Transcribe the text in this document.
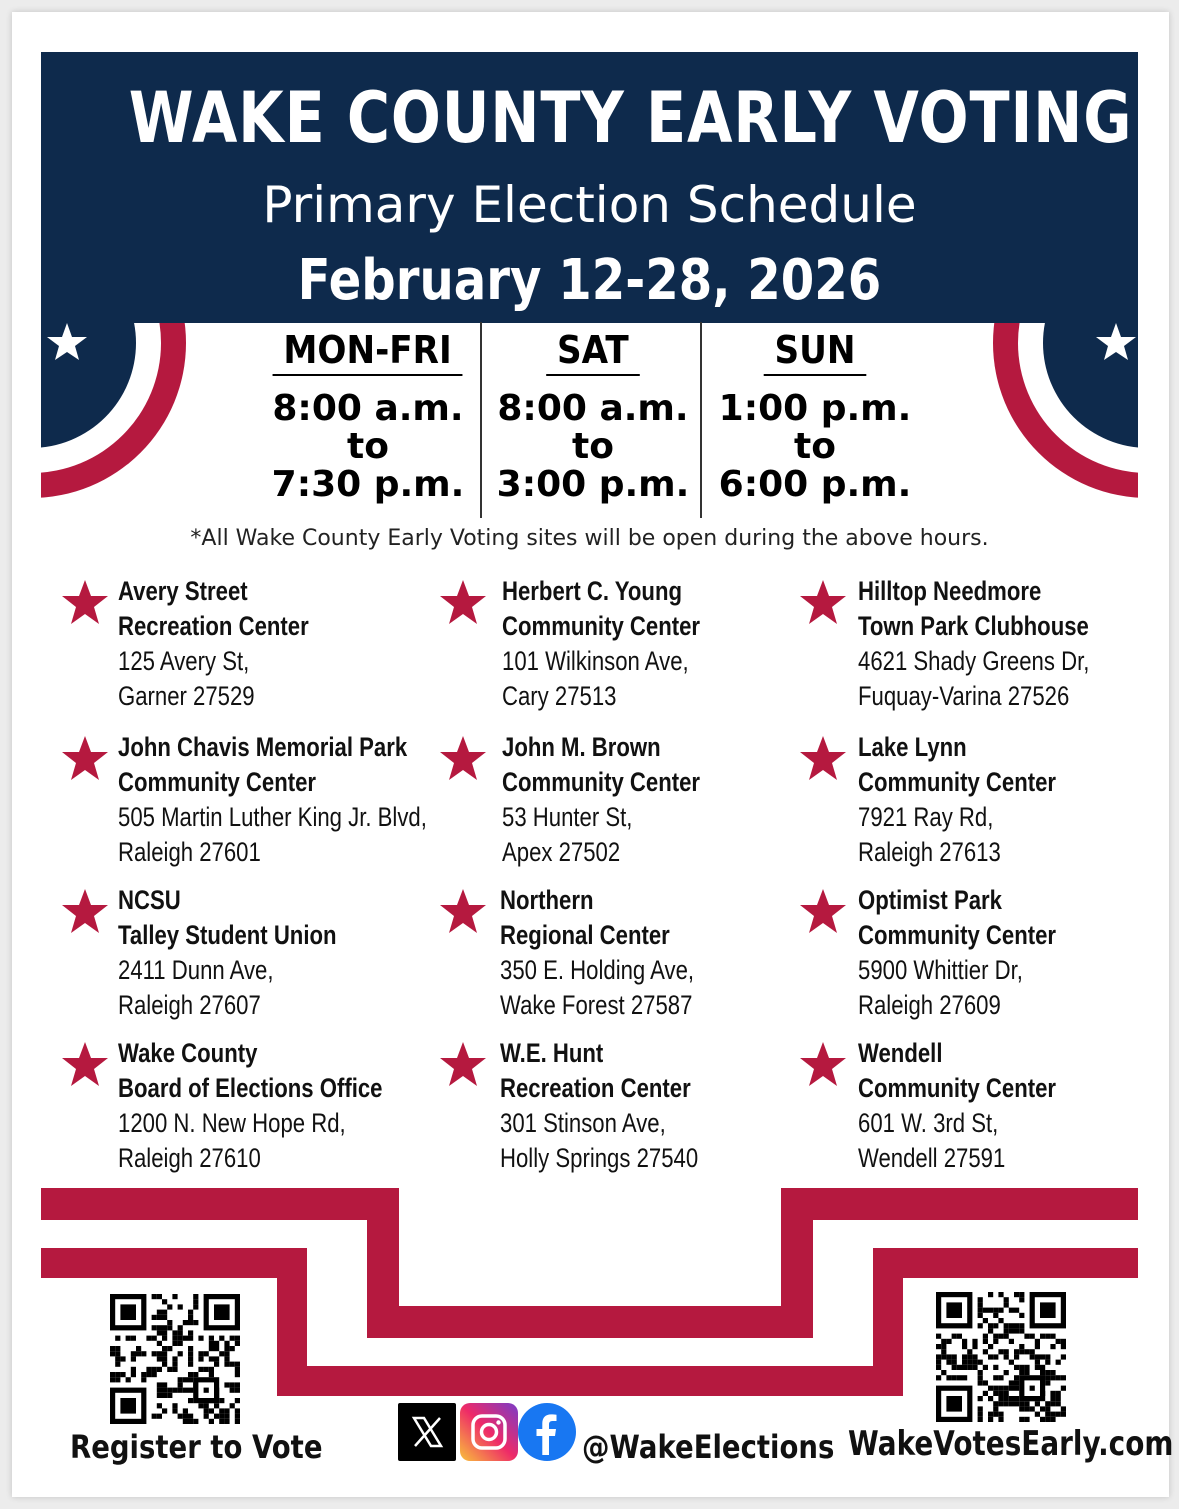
WAKE COUNTY EARLY VOTING
Primary Election Schedule
February 12-28, 2026
MON-FRI
8:00 a.m.
to
7:30 p.m.
SAT
8:00 a.m.
to
3:00 p.m.
SUN
1:00 p.m.
to
6:00 p.m.
*All Wake County Early Voting sites will be open during the above hours.
Avery Street
Recreation Center
125 Avery St,
Garner 27529
Herbert C. Young
Community Center
101 Wilkinson Ave,
Cary 27513
Hilltop Needmore
Town Park Clubhouse
4621 Shady Greens Dr,
Fuquay-Varina 27526
John Chavis Memorial Park
Community Center
505 Martin Luther King Jr. Blvd,
Raleigh 27601
John M. Brown
Community Center
53 Hunter St,
Apex 27502
Lake Lynn
Community Center
7921 Ray Rd,
Raleigh 27613
NCSU
Talley Student Union
2411 Dunn Ave,
Raleigh 27607
Northern
Regional Center
350 E. Holding Ave,
Wake Forest 27587
Optimist Park
Community Center
5900 Whittier Dr,
Raleigh 27609
Wake County
Board of Elections Office
1200 N. New Hope Rd,
Raleigh 27610
W.E. Hunt
Recreation Center
301 Stinson Ave,
Holly Springs 27540
Wendell
Community Center
601 W. 3rd St,
Wendell 27591
Register to Vote	@WakeElections WakeVotesEarly.com
